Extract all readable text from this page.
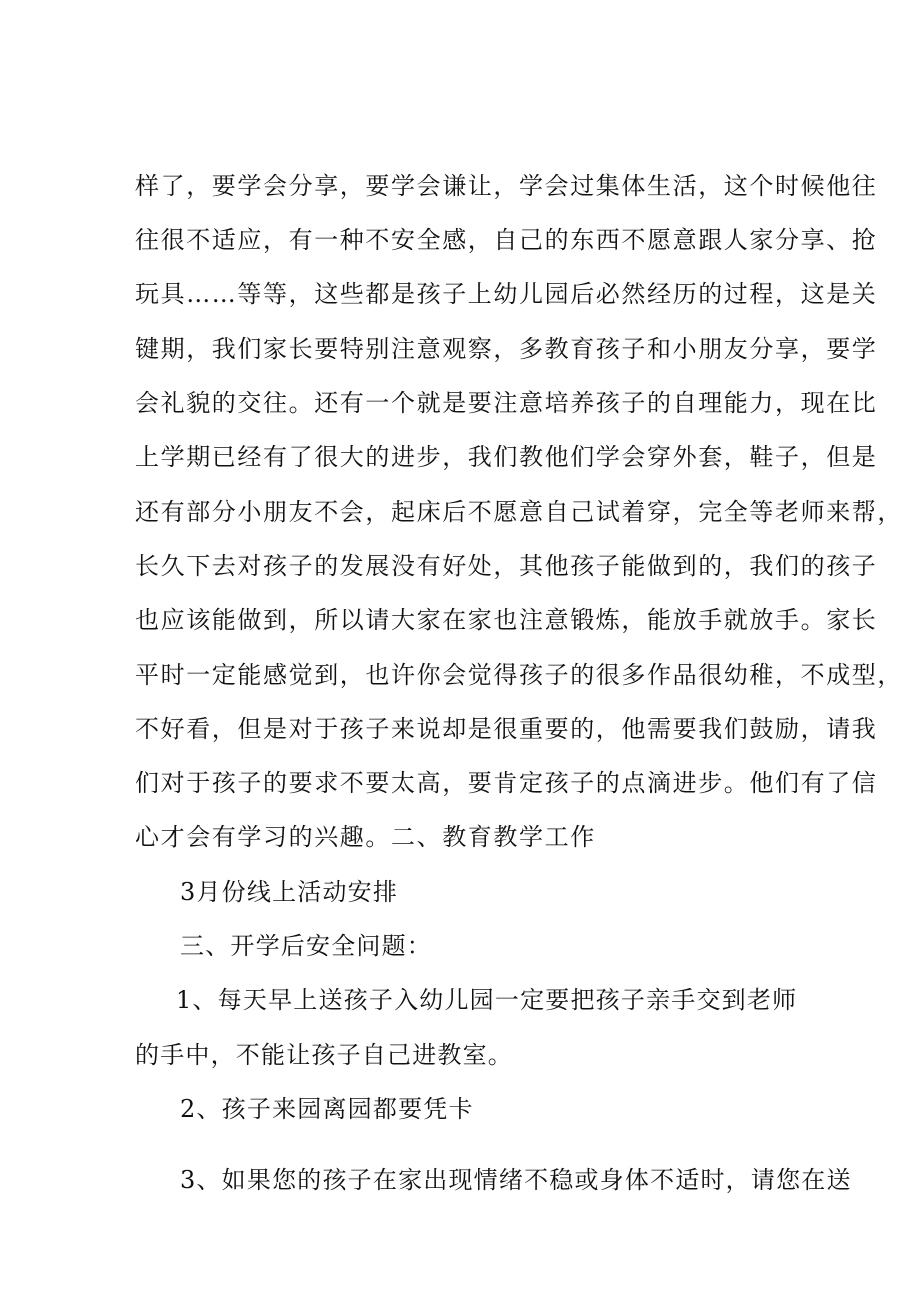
样了，要学会分享，要学会谦让，学会过集体生活，这个时候他往
往很不适应，有一种不安全感，自己的东西不愿意跟人家分享、抢
玩具……等等，这些都是孩子上幼儿园后必然经历的过程，这是关
键期，我们家长要特别注意观察，多教育孩子和小朋友分享，要学
会礼貌的交往。还有一个就是要注意培养孩子的自理能力，现在比
上学期已经有了很大的进步，我们教他们学会穿外套，鞋子，但是
还有部分小朋友不会，起床后不愿意自己试着穿，完全等老师来帮，
长久下去对孩子的发展没有好处，其他孩子能做到的，我们的孩子
也应该能做到，所以请大家在家也注意锻炼，能放手就放手。家长
平时一定能感觉到，也许你会觉得孩子的很多作品很幼稚，不成型，
不好看，但是对于孩子来说却是很重要的，他需要我们鼓励，请我
们对于孩子的要求不要太高，要肯定孩子的点滴进步。他们有了信
心才会有学习的兴趣。二、教育教学工作
3月份线上活动安排
三、开学后安全问题：
1、每天早上送孩子入幼儿园一定要把孩子亲手交到老师
的手中，不能让孩子自己进教室。
2、孩子来园离园都要凭卡
3、如果您的孩子在家出现情绪不稳或身体不适时，请您在送
